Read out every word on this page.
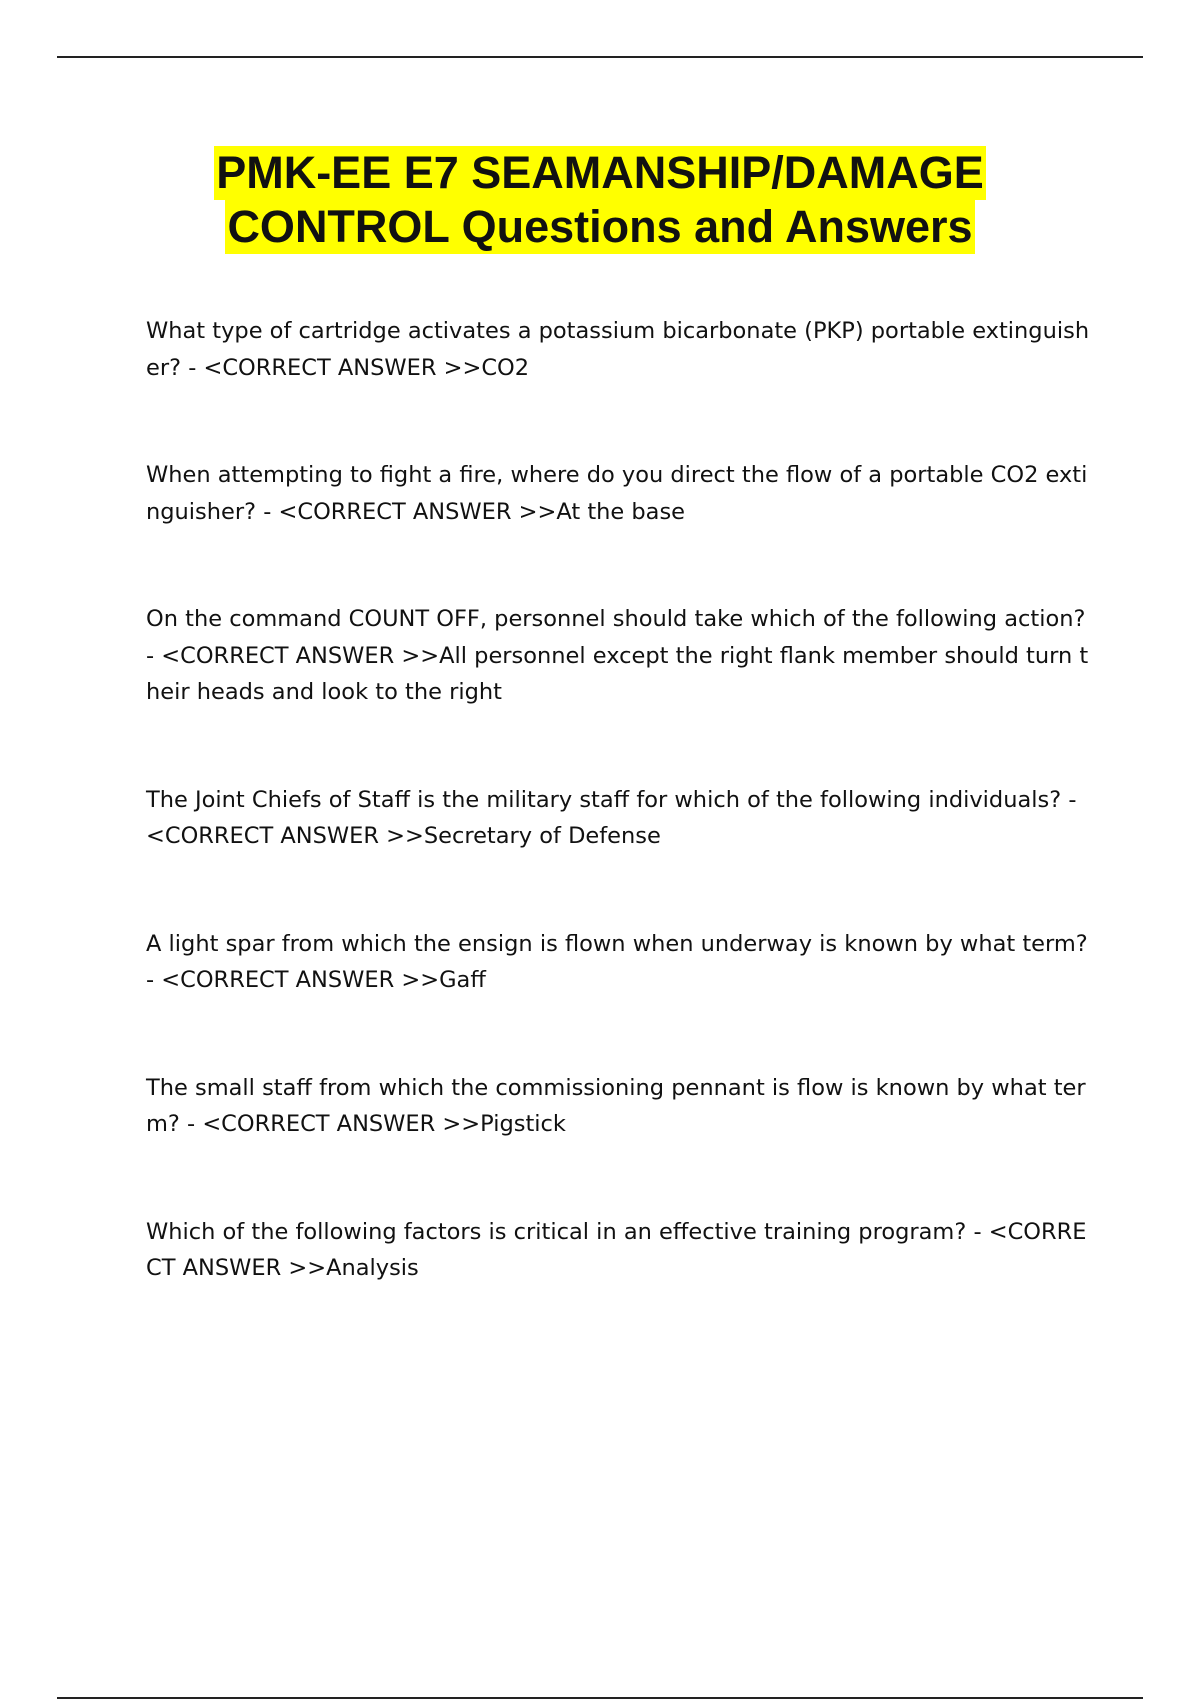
PMK-EE E7 SEAMANSHIP/DAMAGE
CONTROL Questions and Answers
What type of cartridge activates a potassium bicarbonate (PKP) portable extinguisher? - <CORRECT ANSWER >>CO2
When attempting to fight a fire, where do you direct the flow of a portable CO2 extinguisher? - <CORRECT ANSWER >>At the base
On the command COUNT OFF, personnel should take which of the following action? - <CORRECT ANSWER >>All personnel except the right flank member should turn their heads and look to the right
The Joint Chiefs of Staff is the military staff for which of the following individuals? - <CORRECT ANSWER >>Secretary of Defense
A light spar from which the ensign is flown when underway is known by what term? - <CORRECT ANSWER >>Gaff
The small staff from which the commissioning pennant is flow is known by what term? - <CORRECT ANSWER >>Pigstick
Which of the following factors is critical in an effective training program? - <CORRECT ANSWER >>Analysis
